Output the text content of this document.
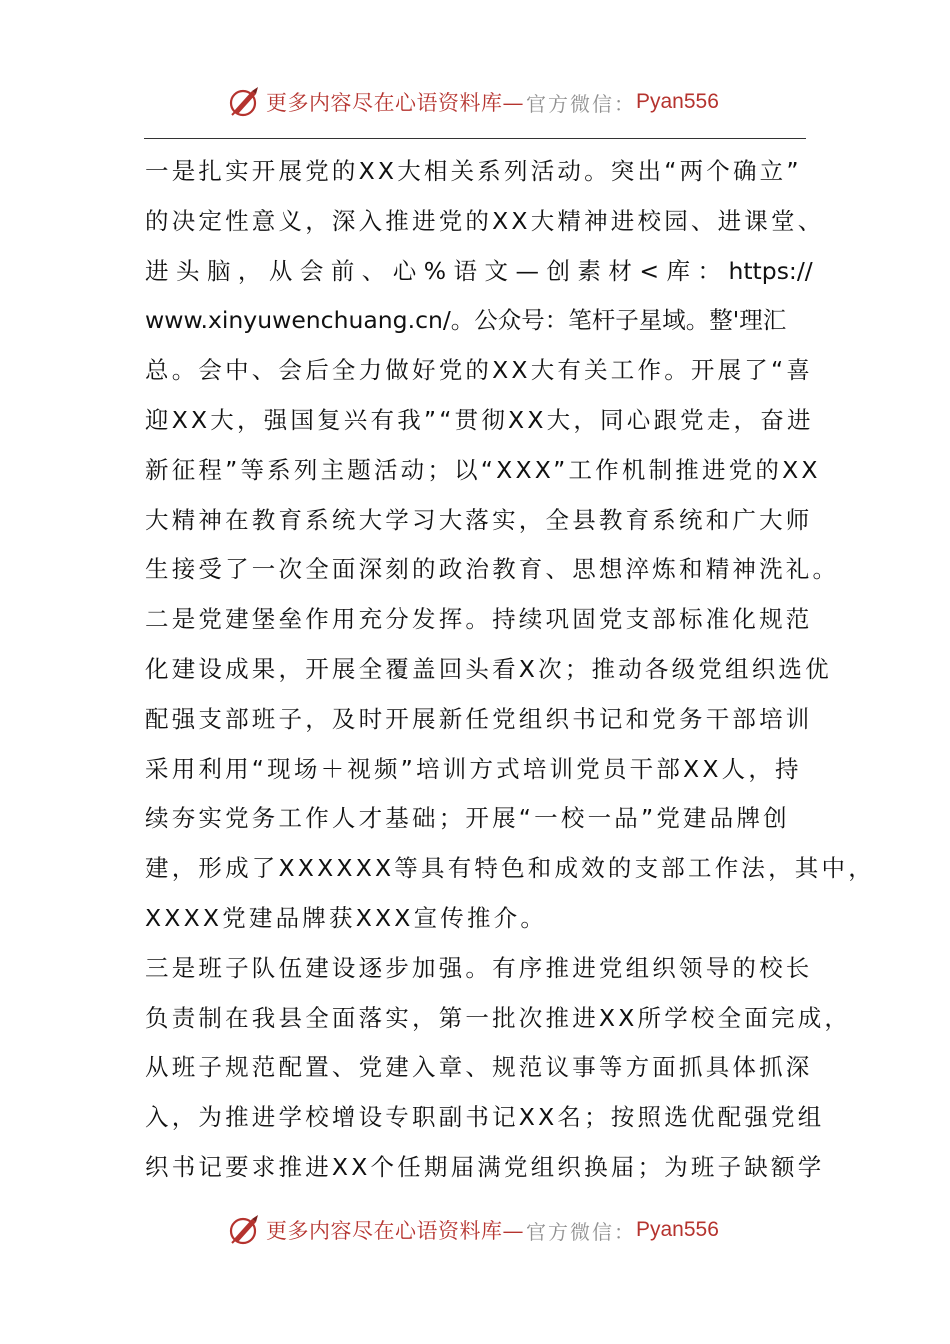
更多内容尽在心语资料库— 官方微信： Pyan556
一是扎实开展党的XX大相关系列活动。突出“两个确立”
的决定性意义，深入推进党的XX大精神进校园、进课堂、
进 头 脑 ， 从 会 前 、 心 % 语 文 — 创 素 材 < 库 ： https://
www.xinyuwenchuang.cn/。公众号：笔杆子星域。整'理汇
总。会中、会后全力做好党的XX大有关工作。开展了“喜
迎XX大，强国复兴有我”“贯彻XX大，同心跟党走，奋进
新征程”等系列主题活动；以“XXX”工作机制推进党的XX
大精神在教育系统大学习大落实，全县教育系统和广大师
生接受了一次全面深刻的政治教育、思想淬炼和精神洗礼。
二是党建堡垒作用充分发挥。持续巩固党支部标准化规范
化建设成果，开展全覆盖回头看X次；推动各级党组织选优
配强支部班子，及时开展新任党组织书记和党务干部培训
采用利用“现场＋视频”培训方式培训党员干部XX人，持
续夯实党务工作人才基础；开展“一校一品”党建品牌创
建，形成了XXXXXX等具有特色和成效的支部工作法，其中，
XXXX党建品牌获XXX宣传推介。
三是班子队伍建设逐步加强。有序推进党组织领导的校长
负责制在我县全面落实，第一批次推进XX所学校全面完成，
从班子规范配置、党建入章、规范议事等方面抓具体抓深
入，为推进学校增设专职副书记XX名；按照选优配强党组
织书记要求推进XX个任期届满党组织换届；为班子缺额学
更多内容尽在心语资料库— 官方微信： Pyan556
